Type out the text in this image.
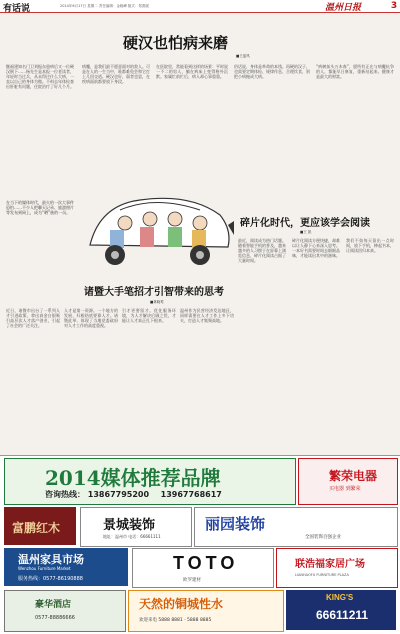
有话说	2014年6月17日 星期二 责任编辑：金晓峰 版式：郑燕妮	温州日报	3
硬汉也怕病来磨
■王蓝风
继福建知名门卫刘振东患病后又一位硬汉倒下……杨先生是本报一位老读者，年轻时当过兵，从未得过什么大病，一直以自己的身体为傲。不料去年体检查出肝脏有问题，住院治疗了好几个月。
病魔，是我们最不愿意面对的敌人。可是在人的一生当中，谁都难免会和它打上几回交道。硬汉也好，弱者也罢，在疾病面前都要放下身段。
在医院里，常能看到这样的场景：平时说一不二的男人，躺在病床上变得格外沉默。家属忙前忙后，病人却心事重重。
俗话说，身体是革命的本钱。再硬的汉子，也需要定期体检、规律作息、合理饮食，别把小病拖成大病。
“病树前头万木春”，愿所有正在与病魔抗争的人，都能早日康复，重新站起来。健康才是最大的财富。
在当下的媒体时代，最火的一次大事件恐怕……不少人把聊天记录、旅游照片等发布到网上，成为“晒”族的一员。
碎片化时代，更应该学会阅读
■王 凯
最近，阅读成为热门话题。随着智能手机的普及，越来越多的人习惯于在屏幕上浏览信息，碎片化阅读占据了大量时间。
碎片化阅读方便快捷，却难以让人静下心来深入思考。一本好书需要时间去细细品味，才能读出其中的滋味。
我们不妨每天留出一点时间，放下手机，捧起书本，让阅读回归本真。
诸暨大手笔招才引智带来的思考
■林晓莺
近日，诸暨市出台了一系列人才引进政策，拿出真金白银吸引高层次人才落户创业，引起了社会的广泛关注。
人才是第一资源。一个地方的发展，归根结底要靠人才。诸暨此举，体现了当地党委政府对人才工作的高度重视。
引才更要留才。优化服务环境，为人才解决后顾之忧，才能让人才真正扎下根来。
温州作为民营经济发达地区，同样需要在人才工作上多下功夫，打造人才集聚高地。
2014媒体推荐品牌
咨询热线： 13867795200 13967768617
繁荣电器
买电器 到繁荣
富鹏红木	景城装饰
地址：温州市 电话：66661111
丽园装饰
全国装饰百强企业
温州家具市场
Wenzhou Furniture Market
服务热线：0577-86190888
TOTO
欧罗建材
联浩福家居广场
LIANHAOFU FURNITURE PLAZA
豪华酒店
0577-88886666
天然的铜城性水
欢迎来电 5888 8881 · 5888 8885
KING'S
66611211
